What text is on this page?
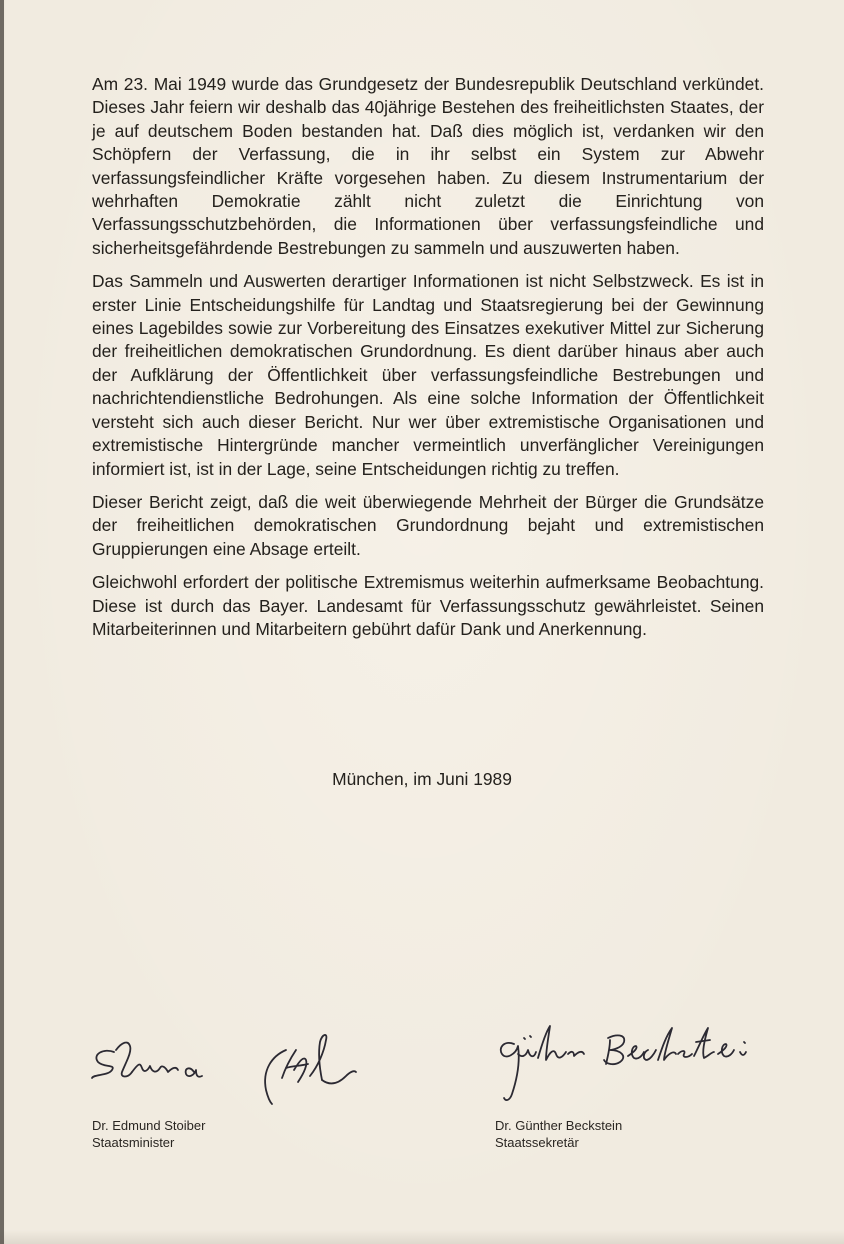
Am 23. Mai 1949 wurde das Grundgesetz der Bundesrepublik Deutschland verkündet. Dieses Jahr feiern wir deshalb das 40jährige Bestehen des freiheitlichsten Staates, der je auf deutschem Boden bestanden hat. Daß dies möglich ist, verdanken wir den Schöpfern der Verfassung, die in ihr selbst ein System zur Abwehr verfassungsfeindlicher Kräfte vorgesehen haben. Zu diesem Instrumentarium der wehrhaften Demokratie zählt nicht zuletzt die Einrichtung von Verfassungsschutzbehörden, die Informationen über verfassungsfeindliche und sicherheitsgefährdende Bestrebungen zu sammeln und auszuwerten haben.

Das Sammeln und Auswerten derartiger Informationen ist nicht Selbstzweck. Es ist in erster Linie Entscheidungshilfe für Landtag und Staatsregierung bei der Gewinnung eines Lagebildes sowie zur Vorbereitung des Einsatzes exekutiver Mittel zur Sicherung der freiheitlichen demokratischen Grundordnung. Es dient darüber hinaus aber auch der Aufklärung der Öffentlichkeit über verfassungsfeindliche Bestrebungen und nachrichtendienstliche Bedrohungen. Als eine solche Information der Öffentlichkeit versteht sich auch dieser Bericht. Nur wer über extremistische Organisationen und extremistische Hintergründe mancher vermeintlich unverfänglicher Vereinigungen informiert ist, ist in der Lage, seine Entscheidungen richtig zu treffen.

Dieser Bericht zeigt, daß die weit überwiegende Mehrheit der Bürger die Grundsätze der freiheitlichen demokratischen Grundordnung bejaht und extremistischen Gruppierungen eine Absage erteilt.

Gleichwohl erfordert der politische Extremismus weiterhin aufmerksame Beobachtung. Diese ist durch das Bayer. Landesamt für Verfassungsschutz gewährleistet. Seinen Mitarbeiterinnen und Mitarbeitern gebührt dafür Dank und Anerkennung.

München, im Juni 1989
Dr. Edmund Stoiber
Staatsminister
Dr. Günther Beckstein
Staatssekretär
